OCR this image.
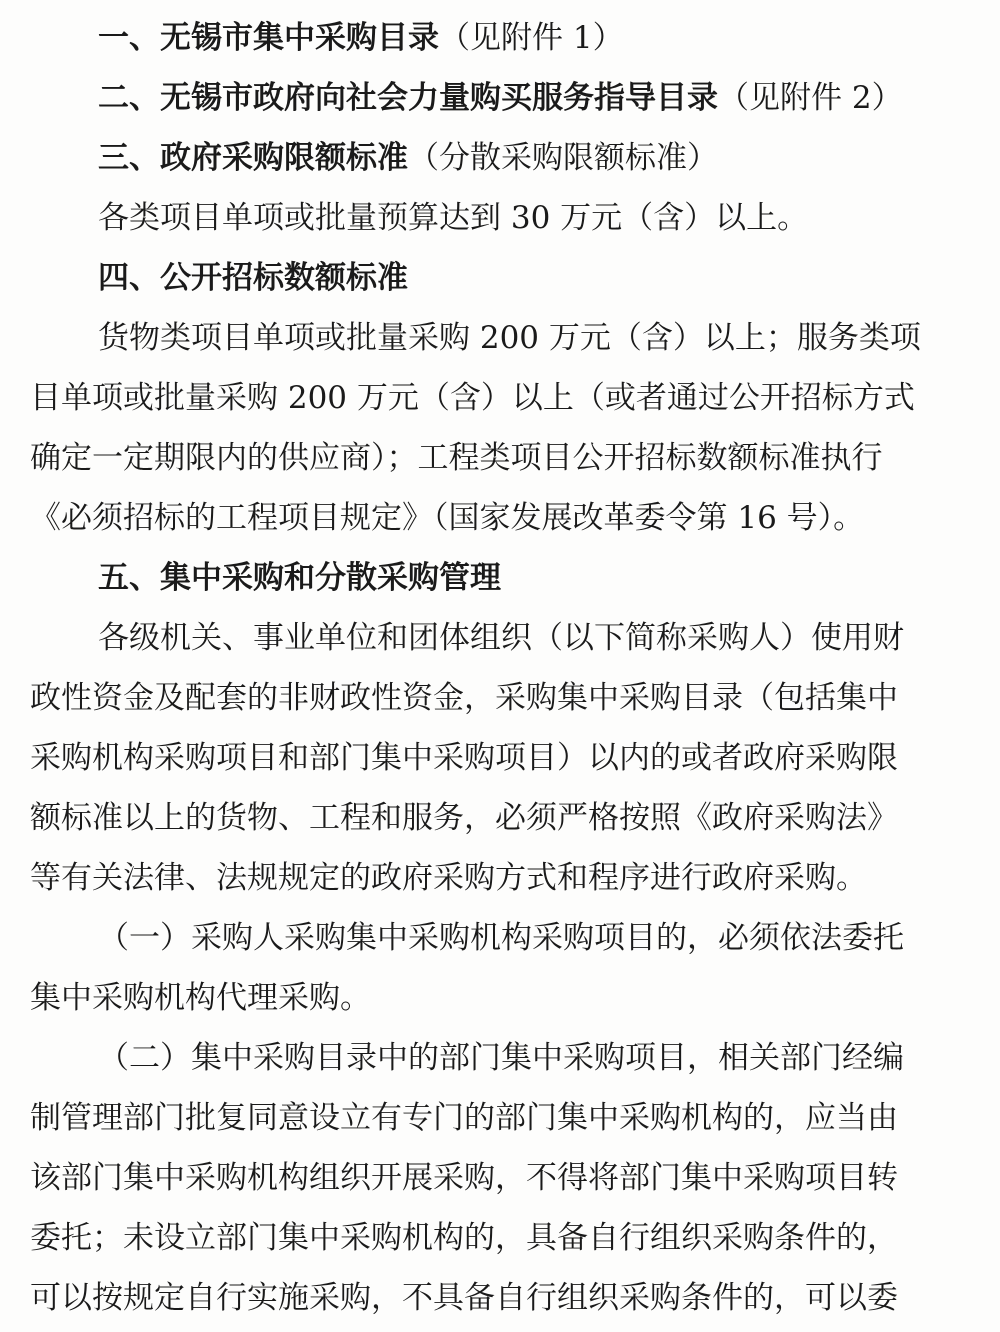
一、无锡市集中采购目录（见附件 1）
二、无锡市政府向社会力量购买服务指导目录（见附件 2）
三、政府采购限额标准（分散采购限额标准）
各类项目单项或批量预算达到 30 万元（含）以上。
四、公开招标数额标准
货物类项目单项或批量采购 200 万元（含）以上；服务类项
目单项或批量采购 200 万元（含）以上（或者通过公开招标方式
确定一定期限内的供应商）；工程类项目公开招标数额标准执行
《必须招标的工程项目规定》（国家发展改革委令第 16 号）。
五、集中采购和分散采购管理
各级机关、事业单位和团体组织（以下简称采购人）使用财
政性资金及配套的非财政性资金，采购集中采购目录（包括集中
采购机构采购项目和部门集中采购项目）以内的或者政府采购限
额标准以上的货物、工程和服务，必须严格按照《政府采购法》
等有关法律、法规规定的政府采购方式和程序进行政府采购。
（一）采购人采购集中采购机构采购项目的，必须依法委托
集中采购机构代理采购。
（二）集中采购目录中的部门集中采购项目，相关部门经编
制管理部门批复同意设立有专门的部门集中采购机构的，应当由
该部门集中采购机构组织开展采购，不得将部门集中采购项目转
委托；未设立部门集中采购机构的，具备自行组织采购条件的，
可以按规定自行实施采购，不具备自行组织采购条件的，可以委
